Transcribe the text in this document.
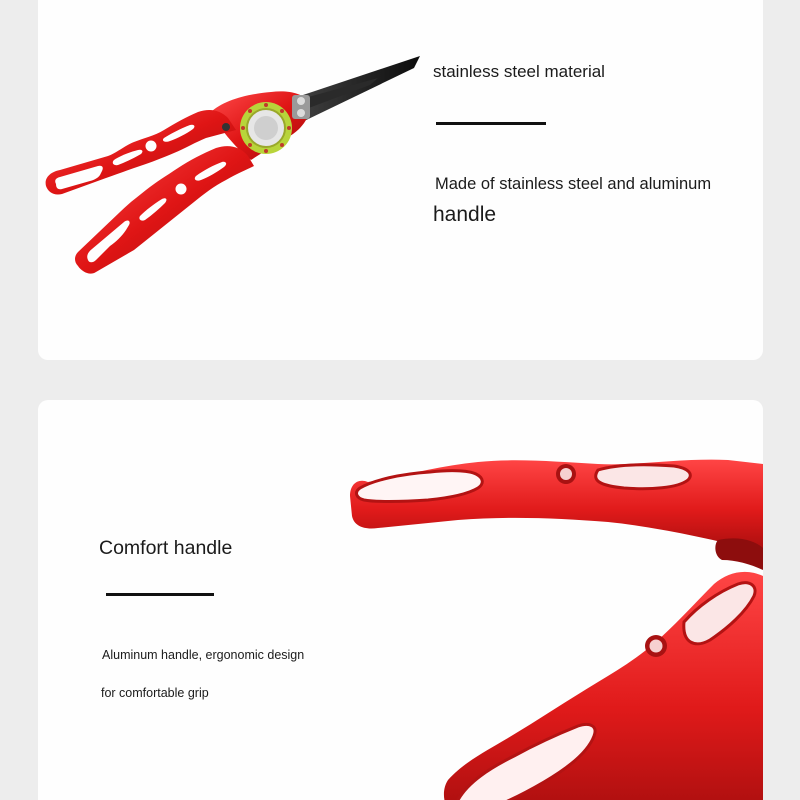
stainless steel material
Made of stainless steel and aluminum
handle
Comfort handle
Aluminum handle, ergonomic design
for comfortable grip
